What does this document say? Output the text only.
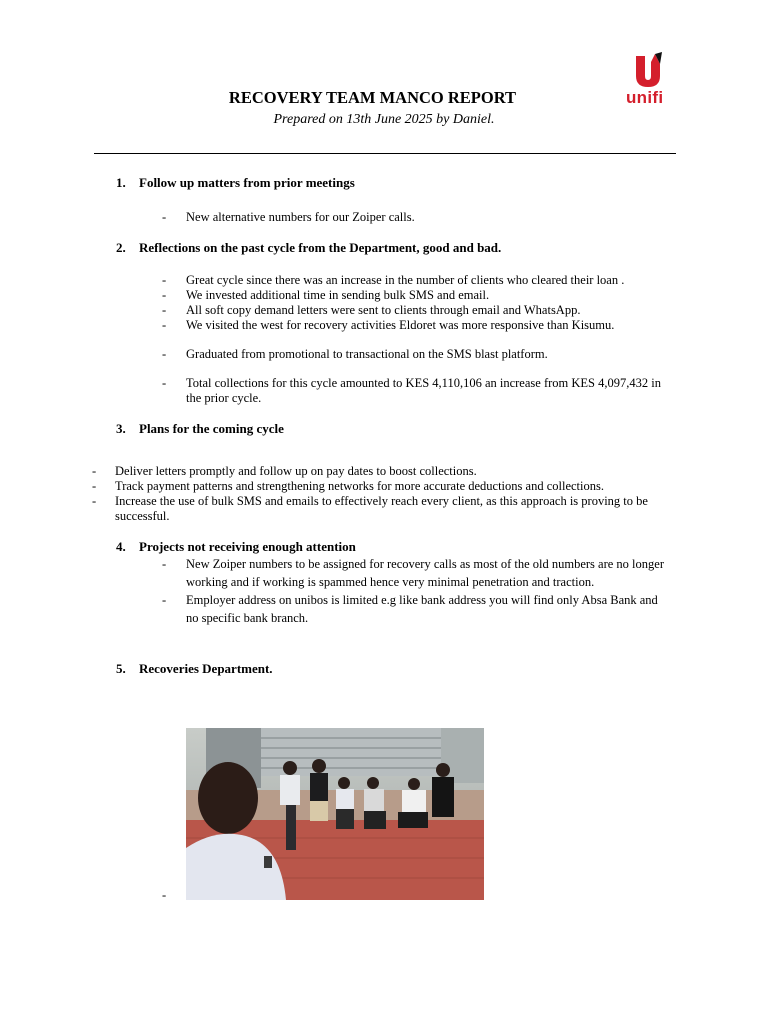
RECOVERY TEAM MANCO REPORT
Prepared on 13th June 2025 by Daniel.
unifi
1. Follow up matters from prior meetings
- New alternative numbers for our Zoiper calls.
2. Reflections on the past cycle from the Department, good and bad.
- Great cycle since there was an increase in the number of clients who cleared their loan .
- We invested additional time in sending bulk SMS and email.
- All soft copy demand letters were sent to clients through email and WhatsApp.
- We visited the west for recovery activities Eldoret was more responsive than Kisumu.
- Graduated from promotional to transactional on the SMS blast platform.
- Total collections for this cycle amounted to KES 4,110,106 an increase from KES 4,097,432 in
the prior cycle.
3. Plans for the coming cycle
- Deliver letters promptly and follow up on pay dates to boost collections.
- Track payment patterns and strengthening networks for more accurate deductions and collections.
- Increase the use of bulk SMS and emails to effectively reach every client, as this approach is proving to be
successful.
4. Projects not receiving enough attention
- New Zoiper numbers to be assigned for recovery calls as most of the old numbers are no longer
working and if working is spammed hence very minimal penetration and traction.
- Employer address on unibos is limited e.g like bank address you will find only Absa Bank and
no specific bank branch.
5. Recoveries Department.
-
